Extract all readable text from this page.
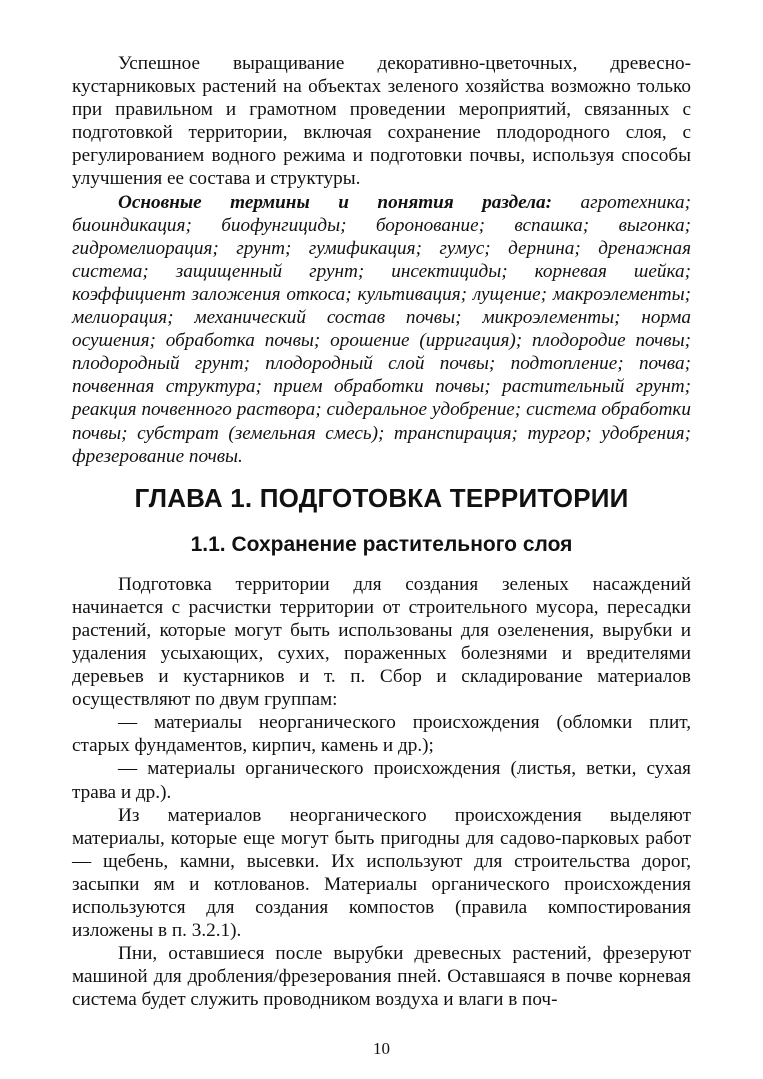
Успешное выращивание декоративно-цветочных, древесно-кустарниковых растений на объектах зеленого хозяйства возможно только при правильном и грамотном проведении мероприятий, связанных с подготовкой территории, включая сохранение плодородного слоя, с регулированием водного режима и подготовки почвы, используя способы улучшения ее состава и структуры.

Основные термины и понятия раздела: агротехника; биоиндикация; биофунгициды; боронование; вспашка; выгонка; гидромелиорация; грунт; гумификация; гумус; дернина; дренажная система; защищенный грунт; инсектициды; корневая шейка; коэффициент заложения откоса; культивация; лущение; макроэлементы; мелиорация; механический состав почвы; микроэлементы; норма осушения; обработка почвы; орошение (ирригация); плодородие почвы; плодородный грунт; плодородный слой почвы; подтопление; почва; почвенная структура; прием обработки почвы; растительный грунт; реакция почвенного раствора; сидеральное удобрение; система обработки почвы; субстрат (земельная смесь); транспирация; тургор; удобрения; фрезерование почвы.

ГЛАВА 1. ПОДГОТОВКА ТЕРРИТОРИИ
1.1. Сохранение растительного слоя

Подготовка территории для создания зеленых насаждений начинается с расчистки территории от строительного мусора, пересадки растений, которые могут быть использованы для озеленения, вырубки и удаления усыхающих, сухих, пораженных болезнями и вредителями деревьев и кустарников и т. п. Сбор и складирование материалов осуществляют по двум группам:

— материалы неорганического происхождения (обломки плит, старых фундаментов, кирпич, камень и др.);

— материалы органического происхождения (листья, ветки, сухая трава и др.).

Из материалов неорганического происхождения выделяют материалы, которые еще могут быть пригодны для садово-парковых работ — щебень, камни, высевки. Их используют для строительства дорог, засыпки ям и котлованов. Материалы органического происхождения используются для создания компостов (правила компостирования изложены в п. 3.2.1).

Пни, оставшиеся после вырубки древесных растений, фрезеруют машиной для дробления/фрезерования пней. Оставшаяся в почве корневая система будет служить проводником воздуха и влаги в поч-

10
